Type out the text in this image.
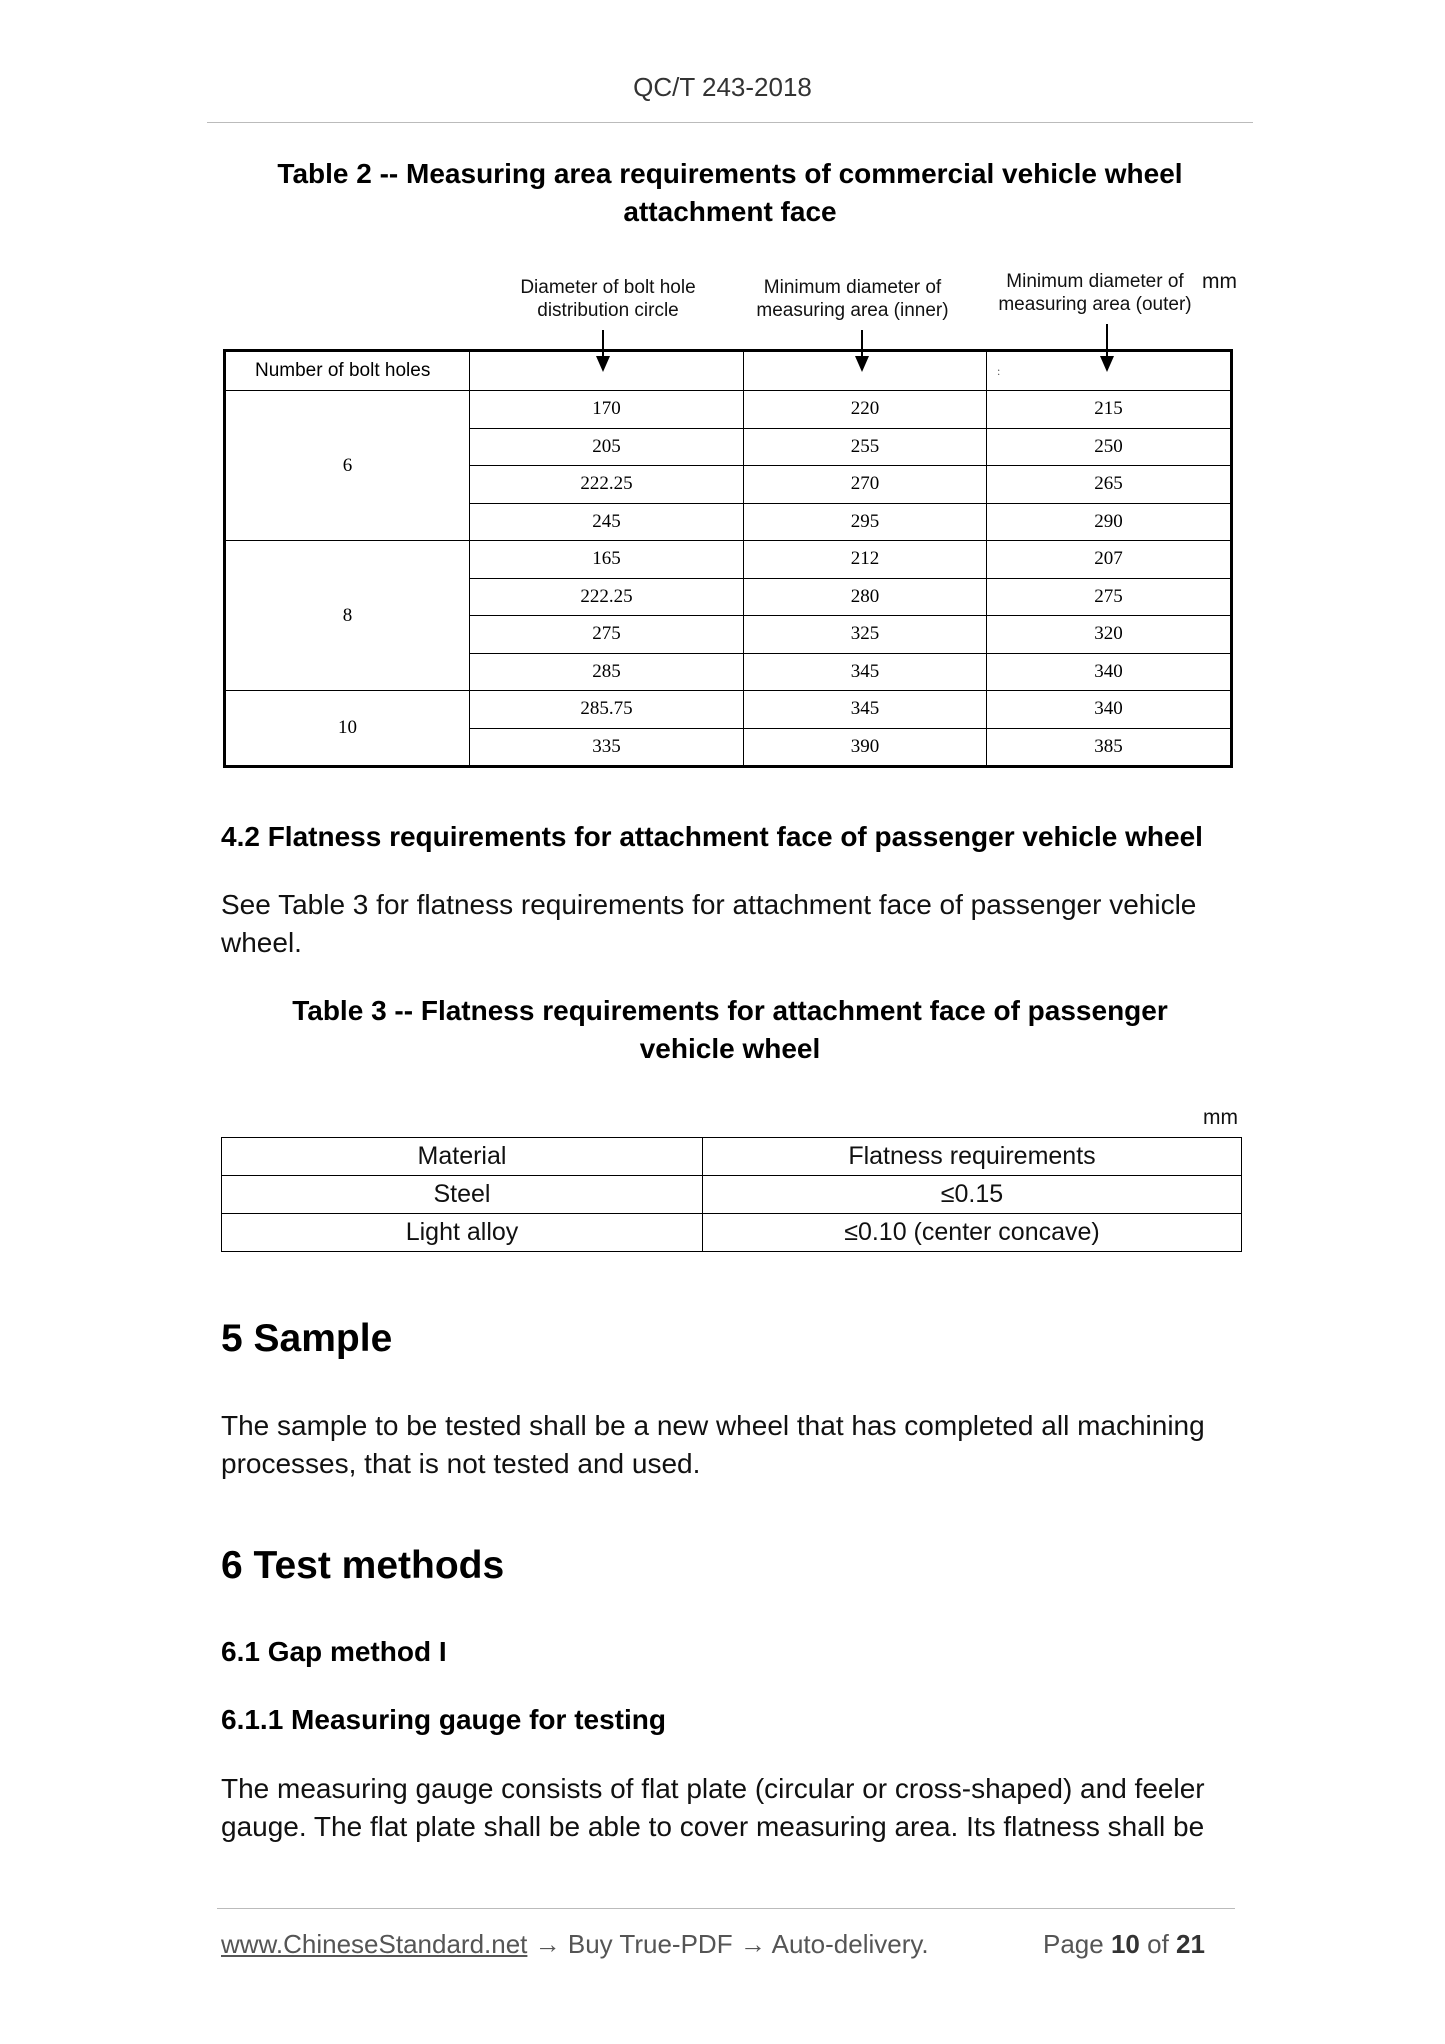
QC/T 243-2018
Table 2 -- Measuring area requirements of commercial vehicle wheel
attachment face
Diameter of bolt hole
distribution circle
Minimum diameter of
measuring area (inner)
Minimum diameter of
measuring area (outer)
mm
Number of bolt holes			:
6	170	220	215
	205	255	250
	222.25	270	265
	245	295	290
8	165	212	207
	222.25	280	275
	275	325	320
	285	345	340
10	285.75	345	340
	335	390	385
4.2 Flatness requirements for attachment face of passenger vehicle wheel
See Table 3 for flatness requirements for attachment face of passenger vehicle
wheel.
Table 3 -- Flatness requirements for attachment face of passenger
vehicle wheel
mm
Material	Flatness requirements
Steel	≤0.15
Light alloy	≤0.10 (center concave)
5 Sample
The sample to be tested shall be a new wheel that has completed all machining
processes, that is not tested and used.
6 Test methods
6.1 Gap method I
6.1.1 Measuring gauge for testing
The measuring gauge consists of flat plate (circular or cross-shaped) and feeler
gauge. The flat plate shall be able to cover measuring area. Its flatness shall be
www.ChineseStandard.net → Buy True-PDF → Auto-delivery.	Page 10 of 21
